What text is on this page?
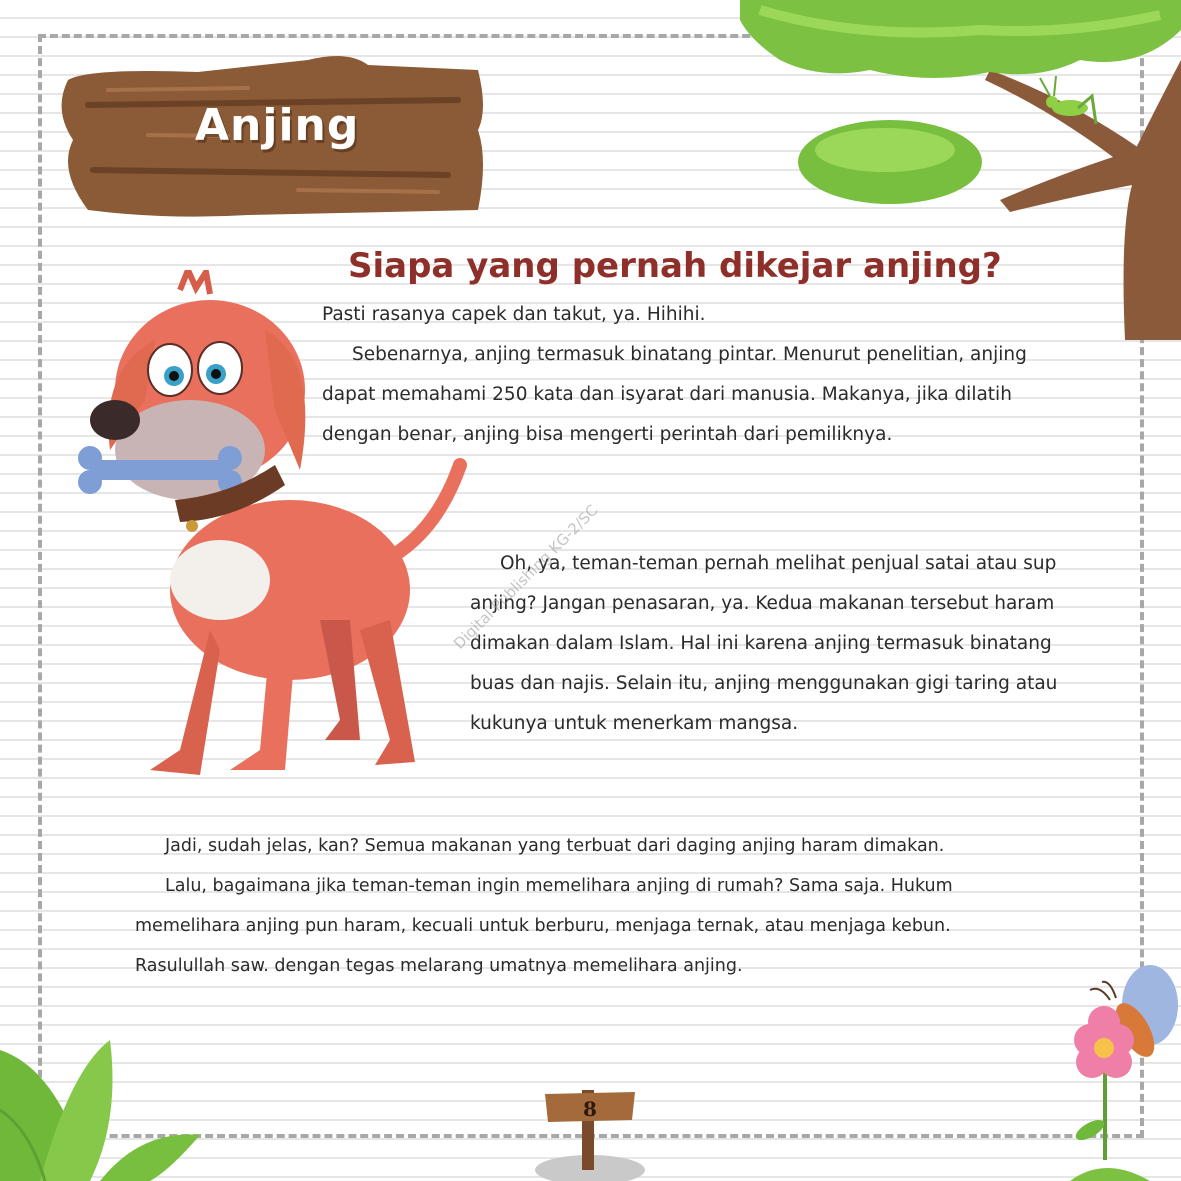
Anjing
Siapa yang pernah dikejar anjing?

Pasti rasanya capek dan takut, ya. Hihihi.

Sebenarnya, anjing termasuk binatang pintar. Menurut penelitian, anjing

dapat memahami 250 kata dan isyarat dari manusia. Makanya, jika dilatih

dengan benar, anjing bisa mengerti perintah dari pemiliknya.

Oh, ya, teman-teman pernah melihat penjual satai atau sup

anjing? Jangan penasaran, ya. Kedua makanan tersebut haram

dimakan dalam Islam. Hal ini karena anjing termasuk binatang

buas dan najis. Selain itu, anjing menggunakan gigi taring atau

kukunya untuk menerkam mangsa.

Digital Publishing KG-2/SC

Jadi, sudah jelas, kan? Semua makanan yang terbuat dari daging anjing haram dimakan.

Lalu, bagaimana jika teman-teman ingin memelihara anjing di rumah? Sama saja. Hukum

memelihara anjing pun haram, kecuali untuk berburu, menjaga ternak, atau menjaga kebun.

Rasulullah saw. dengan tegas melarang umatnya memelihara anjing.

8
